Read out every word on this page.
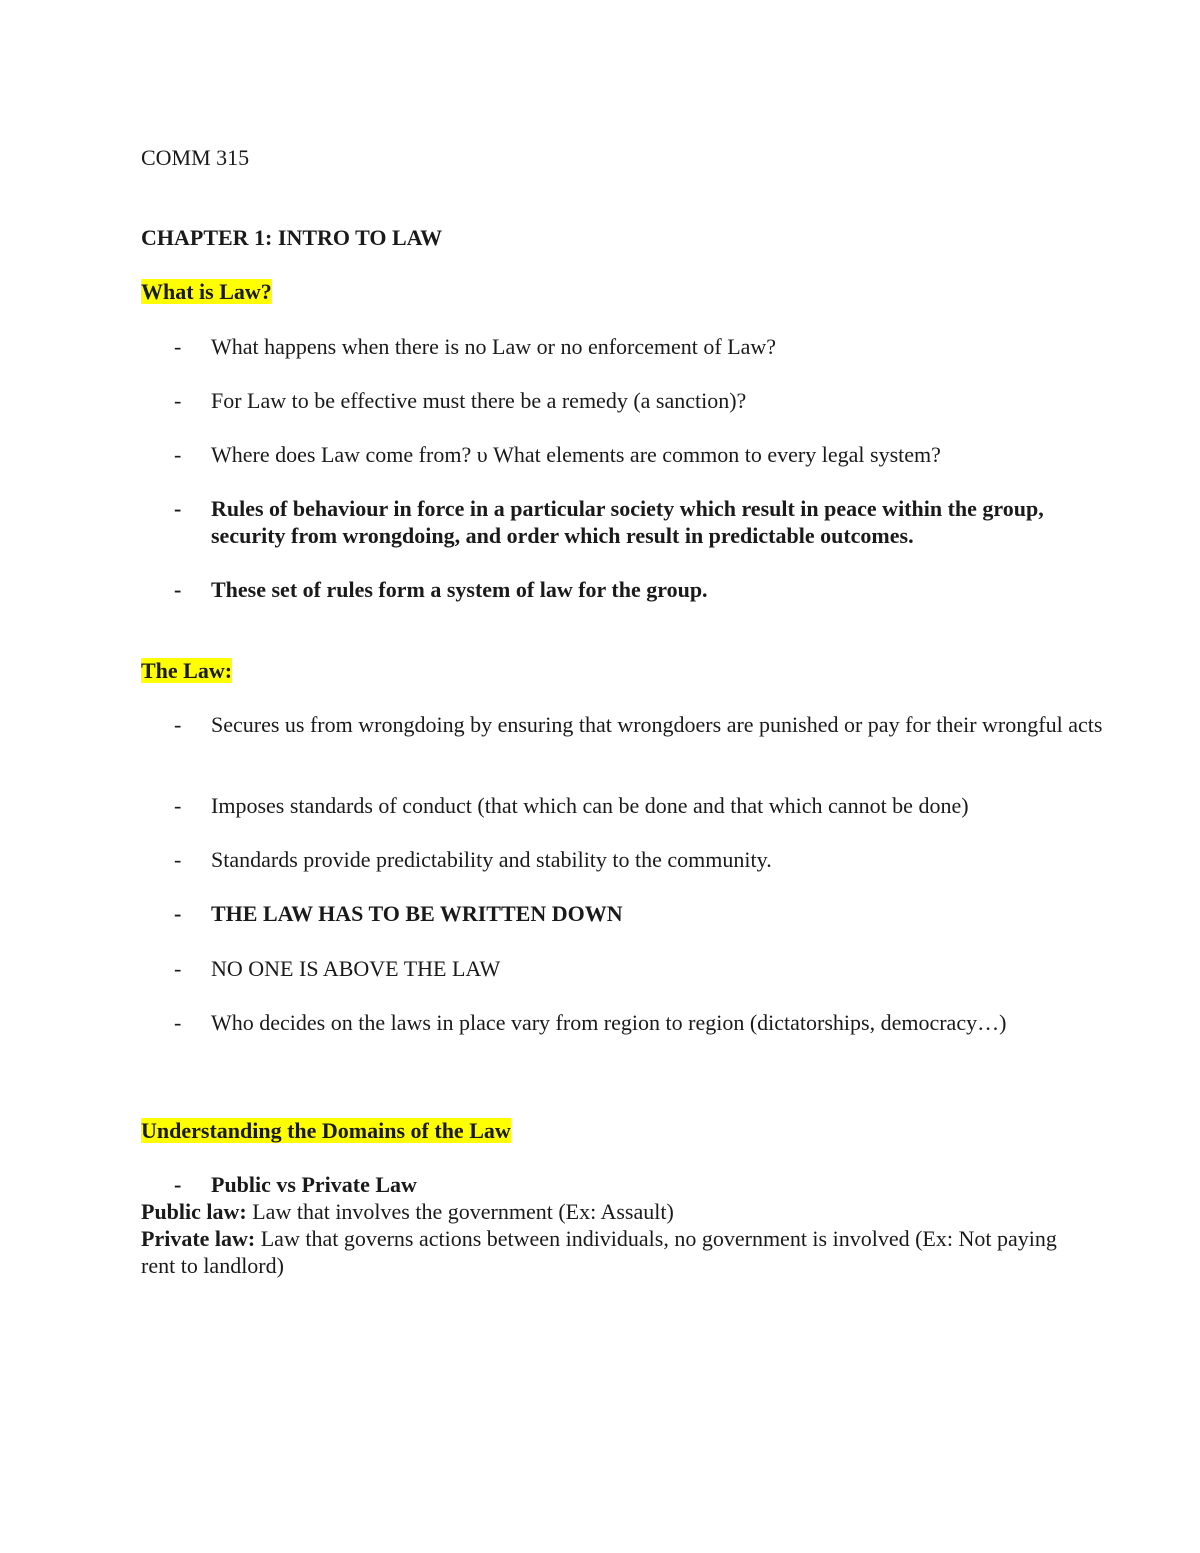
COMM 315
CHAPTER 1: INTRO TO LAW
What is Law?
- What happens when there is no Law or no enforcement of Law?
- For Law to be effective must there be a remedy (a sanction)?
- Where does Law come from? υ What elements are common to every legal system?
- Rules of behaviour in force in a particular society which result in peace within the group, security from wrongdoing, and order which result in predictable outcomes.
- These set of rules form a system of law for the group.
The Law:
- Secures us from wrongdoing by ensuring that wrongdoers are punished or pay for their wrongful acts
- Imposes standards of conduct (that which can be done and that which cannot be done)
- Standards provide predictability and stability to the community.
- THE LAW HAS TO BE WRITTEN DOWN
- NO ONE IS ABOVE THE LAW
- Who decides on the laws in place vary from region to region (dictatorships, democracy…)
Understanding the Domains of the Law
- Public vs Private Law
Public law: Law that involves the government (Ex: Assault)
Private law: Law that governs actions between individuals, no government is involved (Ex: Not paying rent to landlord)
